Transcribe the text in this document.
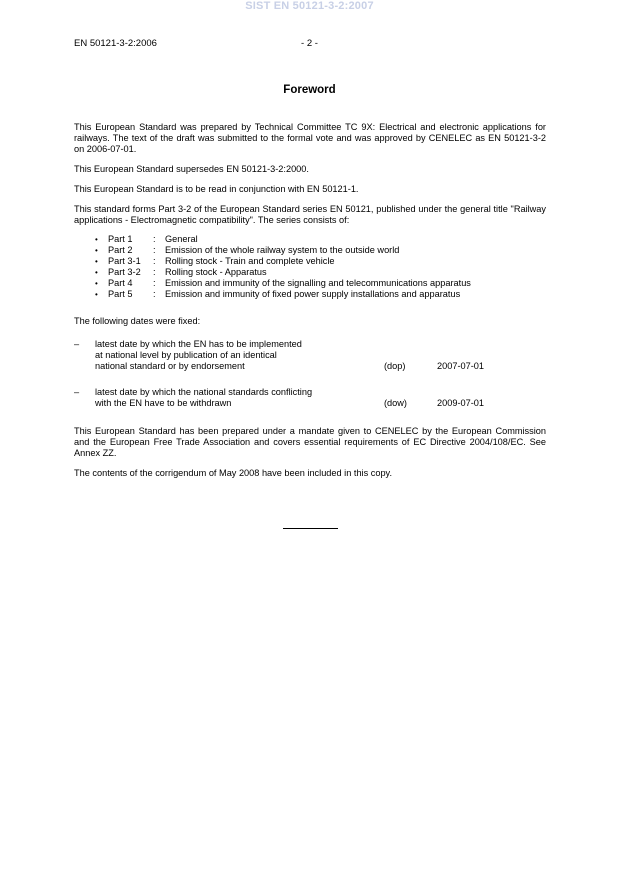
SIST EN 50121-3-2:2007
EN 50121-3-2:2006	- 2 -
Foreword

This European Standard was prepared by Technical Committee TC 9X: Electrical and electronic applications for railways. The text of the draft was submitted to the formal vote and was approved by CENELEC as EN 50121-3-2 on 2006-07-01.

This European Standard supersedes EN 50121-3-2:2000.

This European Standard is to be read in conjunction with EN 50121-1.

This standard forms Part 3-2 of the European Standard series EN 50121, published under the general title "Railway applications - Electromagnetic compatibility". The series consists of:

•	Part 1	:	General
•	Part 2	:	Emission of the whole railway system to the outside world
•	Part 3-1	:	Rolling stock - Train and complete vehicle
•	Part 3-2	:	Rolling stock - Apparatus
•	Part 4	:	Emission and immunity of the signalling and telecommunications apparatus
•	Part 5	:	Emission and immunity of fixed power supply installations and apparatus

The following dates were fixed:

–	latest date by which the EN has to be implemented
at national level by publication of an identical
national standard or by endorsement	(dop)	2007-07-01
–	latest date by which the national standards conflicting
with the EN have to be withdrawn	(dow)	2009-07-01

This European Standard has been prepared under a mandate given to CENELEC by the European Commission and the European Free Trade Association and covers essential requirements of EC Directive 2004/108/EC. See Annex ZZ.

The contents of the corrigendum of May 2008 have been included in this copy.
